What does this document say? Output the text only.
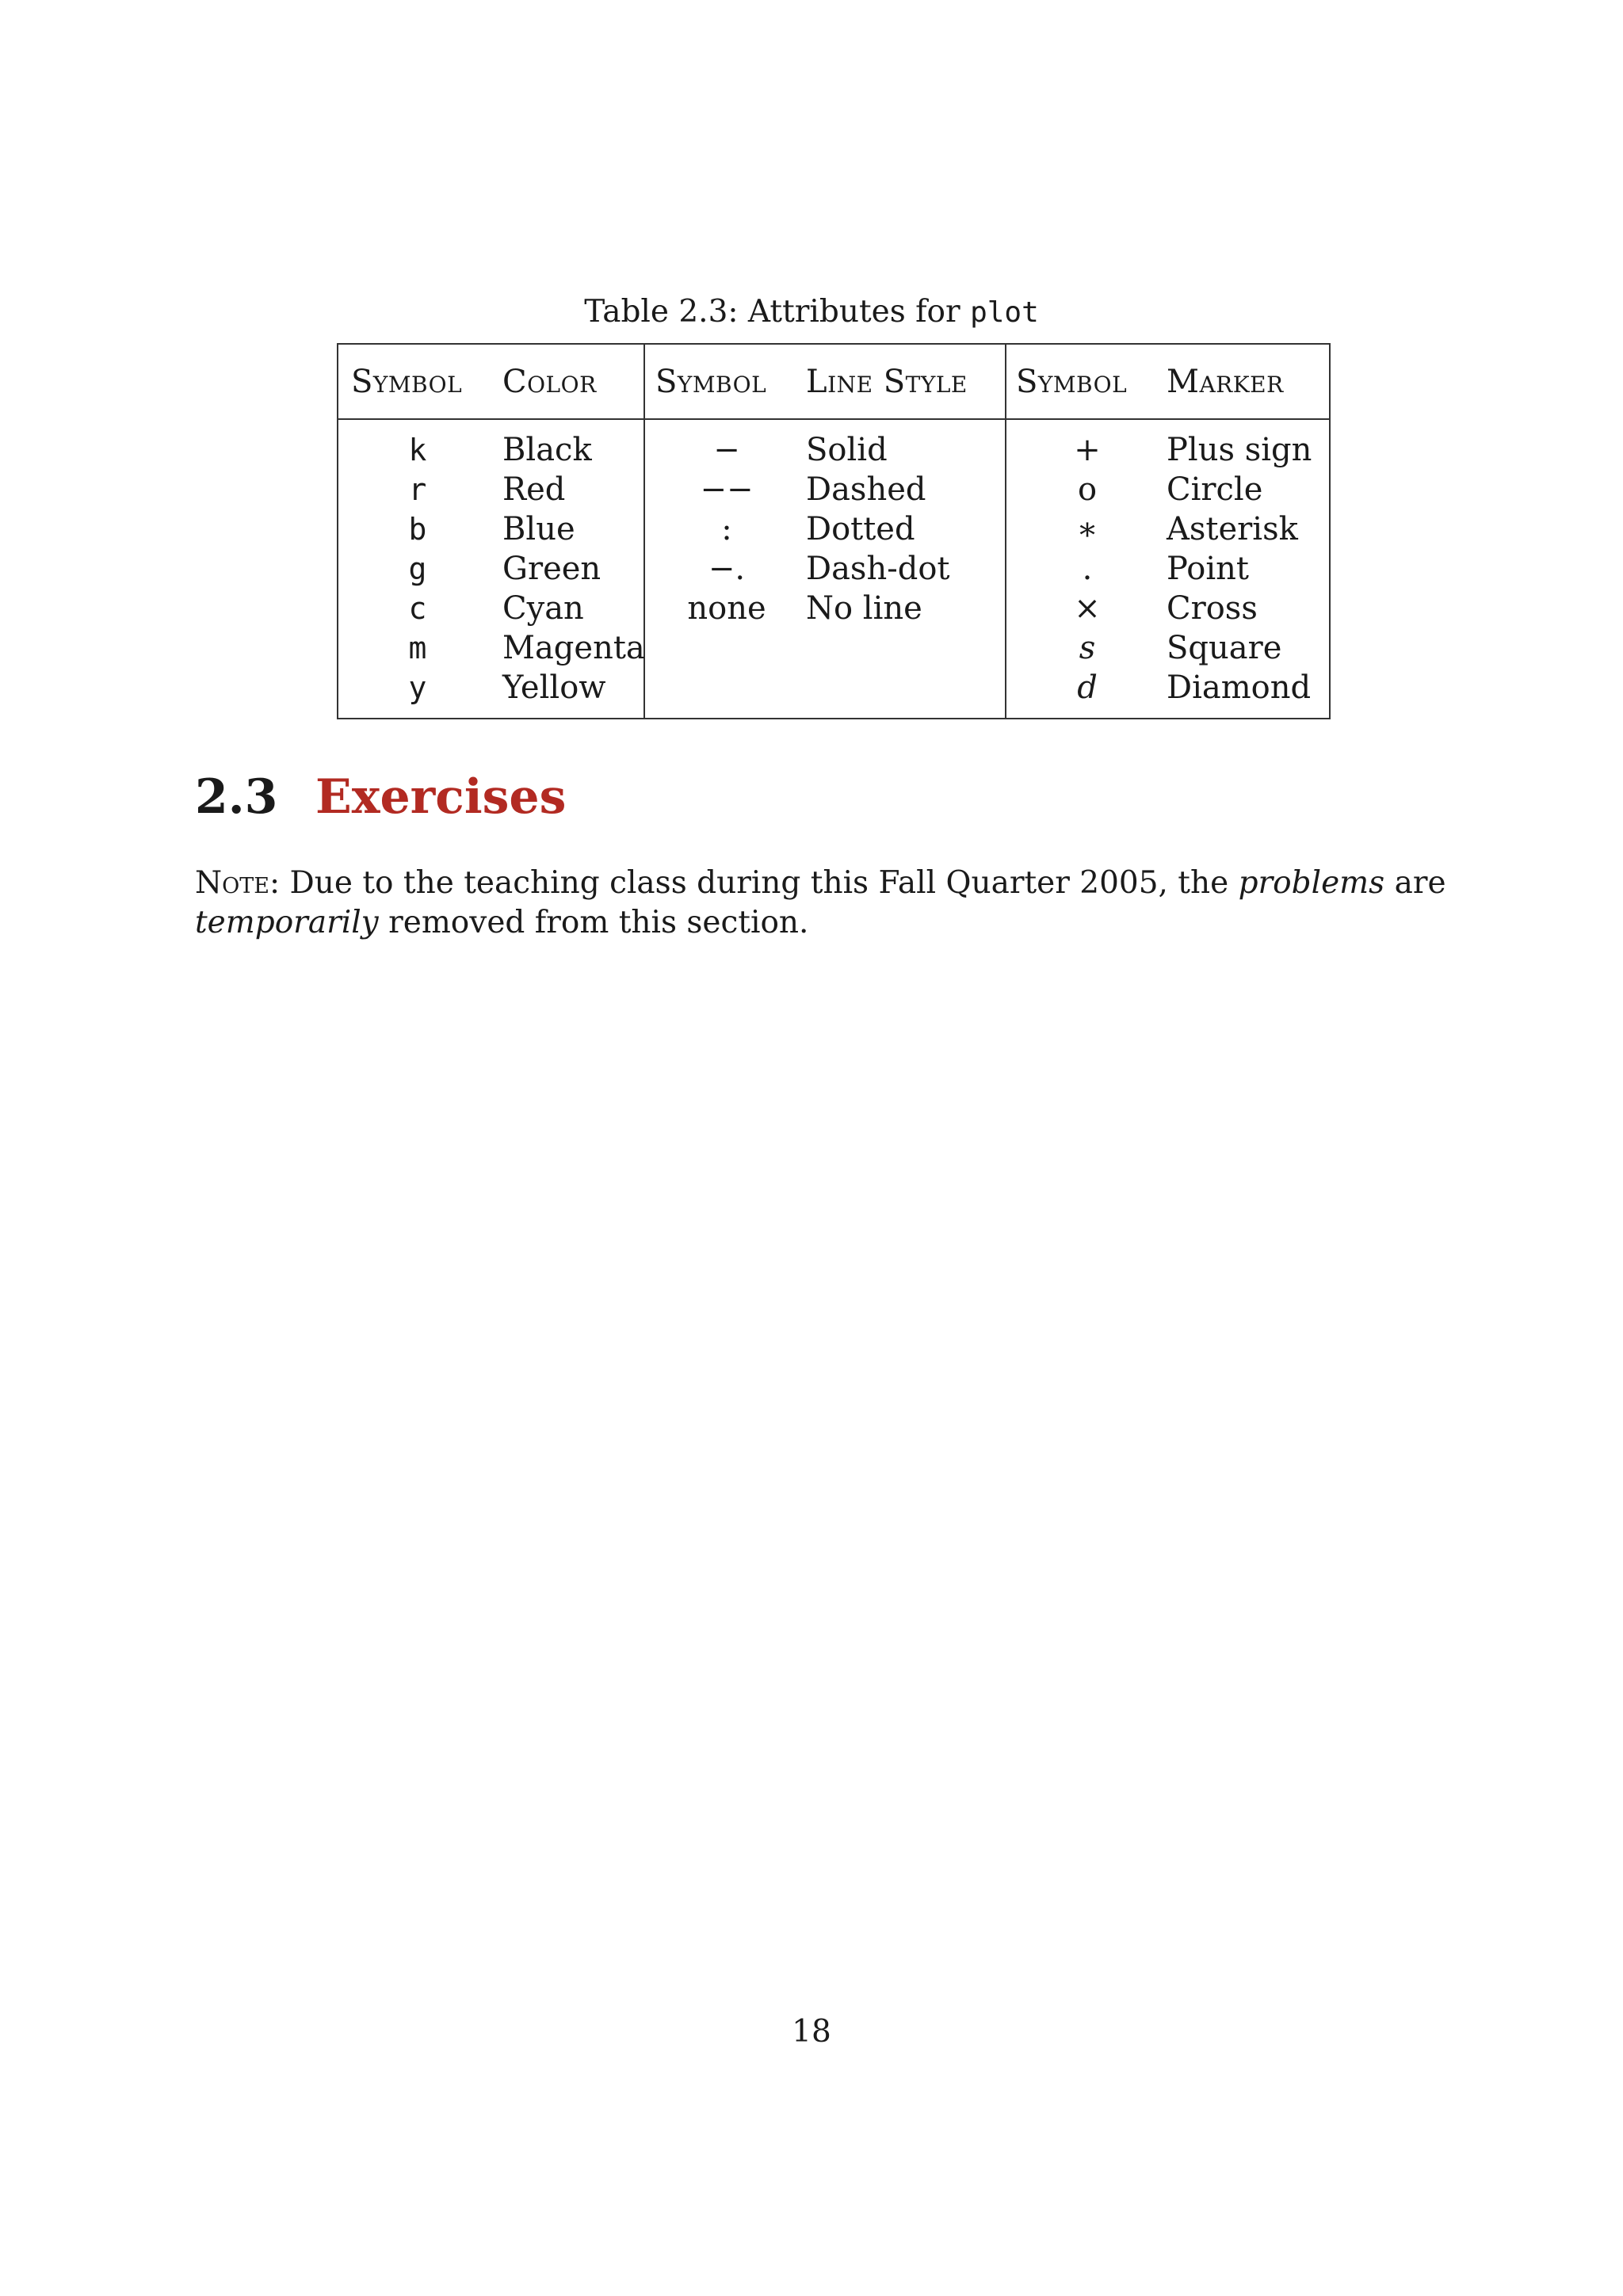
Table 2.3: Attributes for plot
Symbol Color Symbol Line Style Symbol Marker
k
r
b
g
c
m
y
Black
Red
Blue
Green
Cyan
Magenta
Yellow
−
−−
:
−.
none
Solid
Dashed
Dotted
Dash-dot
No line
+
o
∗
.
×
s
d
Plus sign
Circle
Asterisk
Point
Cross
Square
Diamond
2.3 Exercises
Note: Due to the teaching class during this Fall Quarter 2005, the problems are temporarily removed from this section.
18
